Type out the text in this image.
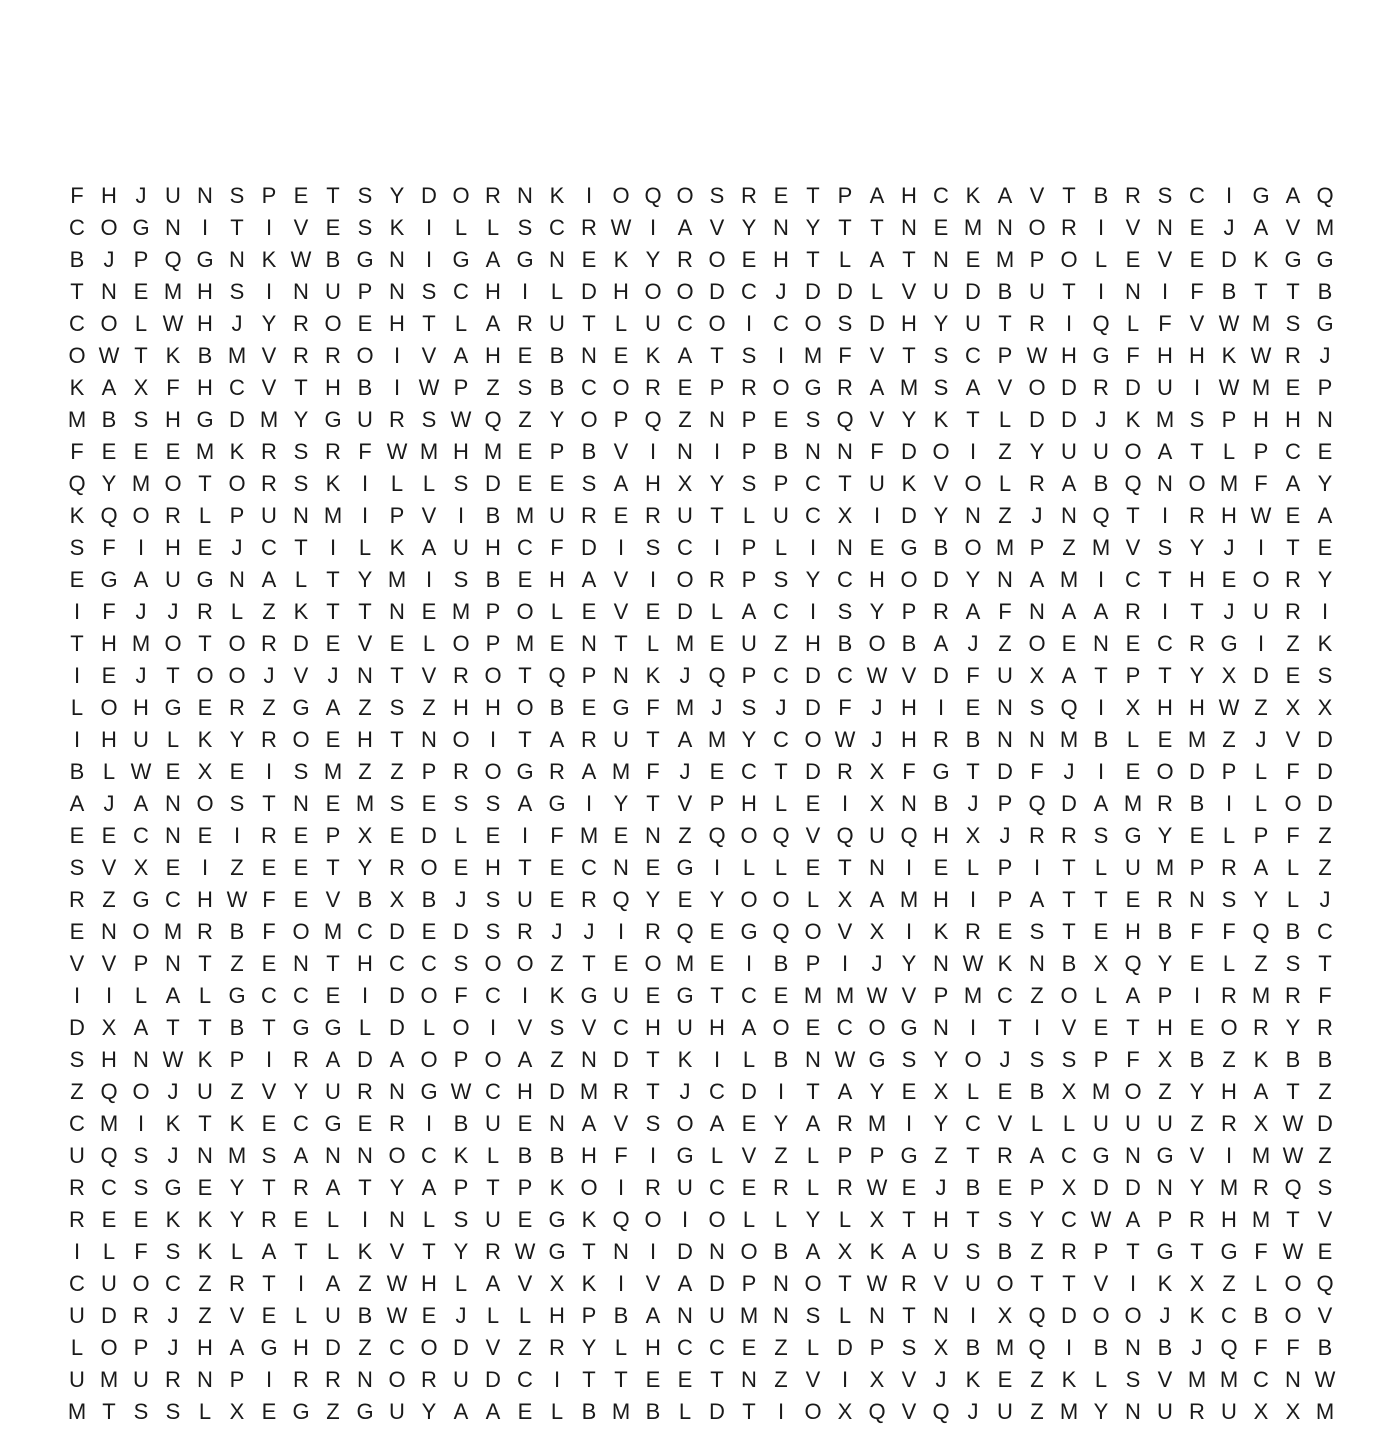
F H J U N S P E T S Y D O R N K I O Q O S R E T P A H C K A V T B R S C I G A Q
C O G N I	T	I V E S K I	L L S C R W I A V Y N Y T T N E M N O R I V N E J A V M
B J P Q G N K W B G N I G A G N E K Y R O E H T L A T N E M P O L E V E D K G G
T N E M H S I N U P N S C H I	L D H O O D C J D D L V U D B U T	I N I	F B T T B
C O L W H J Y R O E H T L A R U T L U C O I C O S D H Y U T R I Q L F V W M S G
O W T K B M V R R O I V A H E B N E K A T S I M F V T S C P W H G F H H K W R J
K A X F H C V T H B I W P Z S B C O R E P R O G R A M S A V O D R D U I W M E P
M B S H G D M Y G U R S W Q Z Y O P Q Z N P E S Q V Y K T L D D J K M S P H H N
F E E E M K R S R F W M H M E P B V I N I P B N N F D O I	Z Y U U O A T L P C E
Q Y M O T O R S K I	L L S D E E S A H X Y S P C T U K V O L R A B Q N O M F A Y
K Q O R L P U N M I P V I B M U R E R U T L U C X I D Y N Z J N Q T	I R H W E A
S F	I H E J C T	I	L K A U H C F D I S C I P L	I N E G B O M P Z M V S Y J	I	T E
E G A U G N A L T Y M I S B E H A V I O R P S Y C H O D Y N A M I C T H E O R Y
I	F J J R L Z K T T N E M P O L E V E D L A C I S Y P R A F N A A R I	T J U R I
T H M O T O R D E V E L O P M E N T L M E U Z H B O B A J Z O E N E C R G I	Z K
I E J T O O J V J N T V R O T Q P N K J Q P C D C W V D F U X A T P T Y X D E S
L O H G E R Z G A Z S Z H H O B E G F M J S J D F J H I E N S Q I X H H W Z X X
I H U L K Y R O E H T N O I	T A R U T A M Y C O W J H R B N N M B L E M Z J V D
B L W E X E I S M Z Z P R O G R A M F J E C T D R X F G T D F J	I E O D P L F D
A J A N O S T N E M S E S S A G I Y T V P H L E I X N B J P Q D A M R B I	L O D
E E C N E I R E P X E D L E I	F M E N Z Q O Q V Q U Q H X J R R S G Y E L P F Z
S V X E I	Z E E T Y R O E H T E C N E G I	L L E T N I E L P I	T L U M P R A L Z
R Z G C H W F E V B X B J S U E R Q Y E Y O O L X A M H I P A T T E R N S Y L J
E N O M R B F O M C D E D S R J J	I R Q E G Q O V X I K R E S T E H B F F Q B C
V V P N T Z E N T H C C S O O Z T E O M E I B P I	J Y N W K N B X Q Y E L Z S T
I	I	L A L G C C E I D O F C I K G U E G T C E M M W V P M C Z O L A P I R M R F
D X A T T B T G G L D L O I V S V C H U H A O E C O G N I	T	I V E T H E O R Y R
S H N W K P I R A D A O P O A Z N D T K I	L B N W G S Y O J S S P F X B Z K B B
Z Q O J U Z V Y U R N G W C H D M R T J C D I	T A Y E X L E B X M O Z Y H A T Z
C M I K T K E C G E R I B U E N A V S O A E Y A R M I Y C V L L U U U Z R X W D
U Q S J N M S A N N O C K L B B H F	I G L V Z L P P G Z T R A C G N G V I M W Z
R C S G E Y T R A T Y A P T P K O I R U C E R L R W E J B E P X D D N Y M R Q S
R E E K K Y R E L	I N L S U E G K Q O I O L L Y L X T H T S Y C W A P R H M T V
I	L F S K L A T L K V T Y R W G T N I D N O B A X K A U S B Z R P T G T G F W E
C U O C Z R T	I A Z W H L A V X K I V A D P N O T W R V U O T T V I K X Z L O Q
U D R J Z V E L U B W E J L L H P B A N U M N S L N T N I X Q D O O J K C B O V
L O P J H A G H D Z C O D V Z R Y L H C C E Z L D P S X B M Q I B N B J Q F F B
U M U R N P I R R N O R U D C I	T T E E T N Z V I X V J K E Z K L S V M M C N W
M T S S L X E G Z G U Y A A E L B M B L D T	I O X Q V Q J U Z M Y N U R U X X M
